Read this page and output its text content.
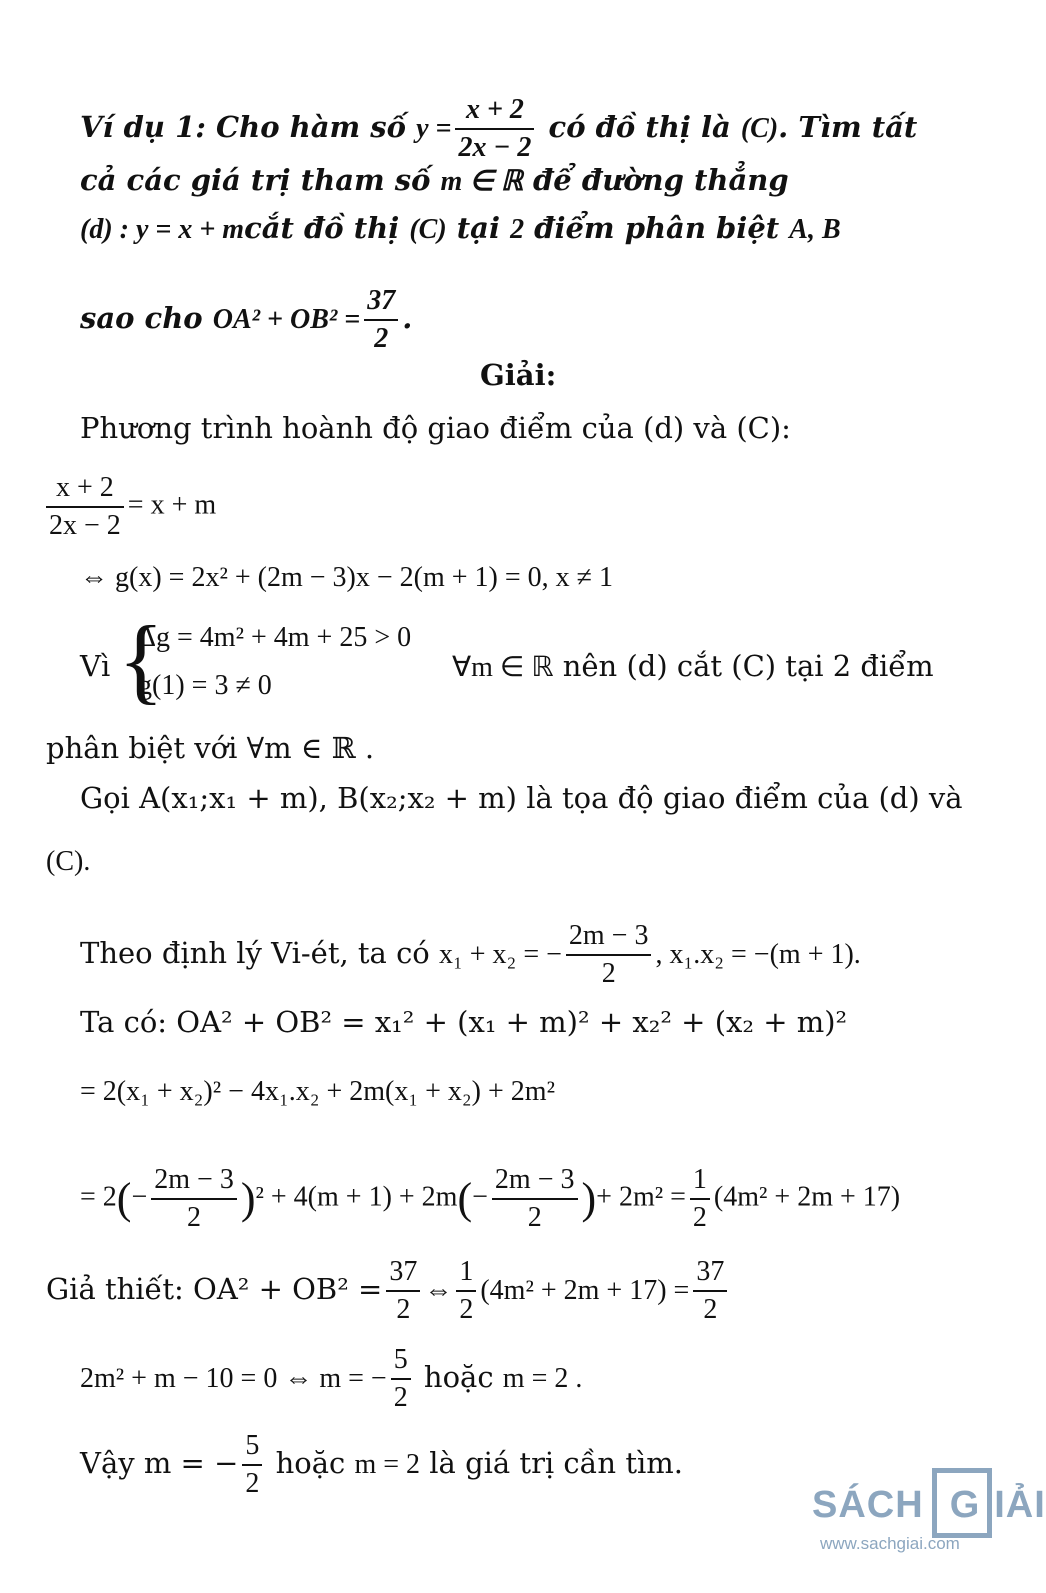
Ví dụ 1: Cho hàm số $y = \frac{x + 2}{2x - 2}$ có đồ thị là (C). Tìm tất
cả các giá trị tham số m ∈ ℝ để đường thẳng
(d) : y = x + mcắt đồ thị (C) tại 2 điểm phân biệt A, B
sao cho $OA^2 + OB^2 = \frac{37}{2}$ .
Giải:
Phương trình hoành độ giao điểm của (d) và (C):
$\frac{x + 2}{2x - 2} = x + m$
⇔ g(x) = 2x² + (2m − 3)x − 2(m + 1) = 0, x ≠ 1
Vì {
Δg = 4m² + 4m + 25 > 0
g(1) = 3 ≠ 0
∀m ∈ ℝ nên (d) cắt (C) tại 2 điểm
phân biệt với ∀m ∈ ℝ .
Gọi A(x₁;x₁ + m), B(x₂;x₂ + m) là tọa độ giao điểm của (d) và
(C).
Theo định lý Vi-ét, ta có x₁ + x₂ = − $\frac{2m - 3}{2}$ , x₁.x₂ = −(m + 1).
Ta có: OA² + OB² = x₁² + (x₁ + m)² + x₂² + (x₂ + m)²
= 2(x₁ + x₂)² − 4x₁.x₂ + 2m(x₁ + x₂) + 2m²
= $2(- \frac{2m - 3}{2} )^2 + 4(m + 1) + 2m(- \frac{2m - 3}{2}$ )+ $2m^2 = \frac{1}{2} (4m^2 + 2m + 17)$
Giả thiết: $OA^2 + OB^2 = \frac{37}{2}$ ⇔ $\frac{1}{2} (4m^2 + 2m + 17) = \frac{37}{2}$
2m² + m − 10 = 0 ⇔ m = − $\frac{5}{2}$ hoặc m = 2 .
Vậy m = − $\frac{5}{2}$ hoặc m = 2 là giá trị cần tìm.
SÁCH G IẢI
www.sachgiai.com
